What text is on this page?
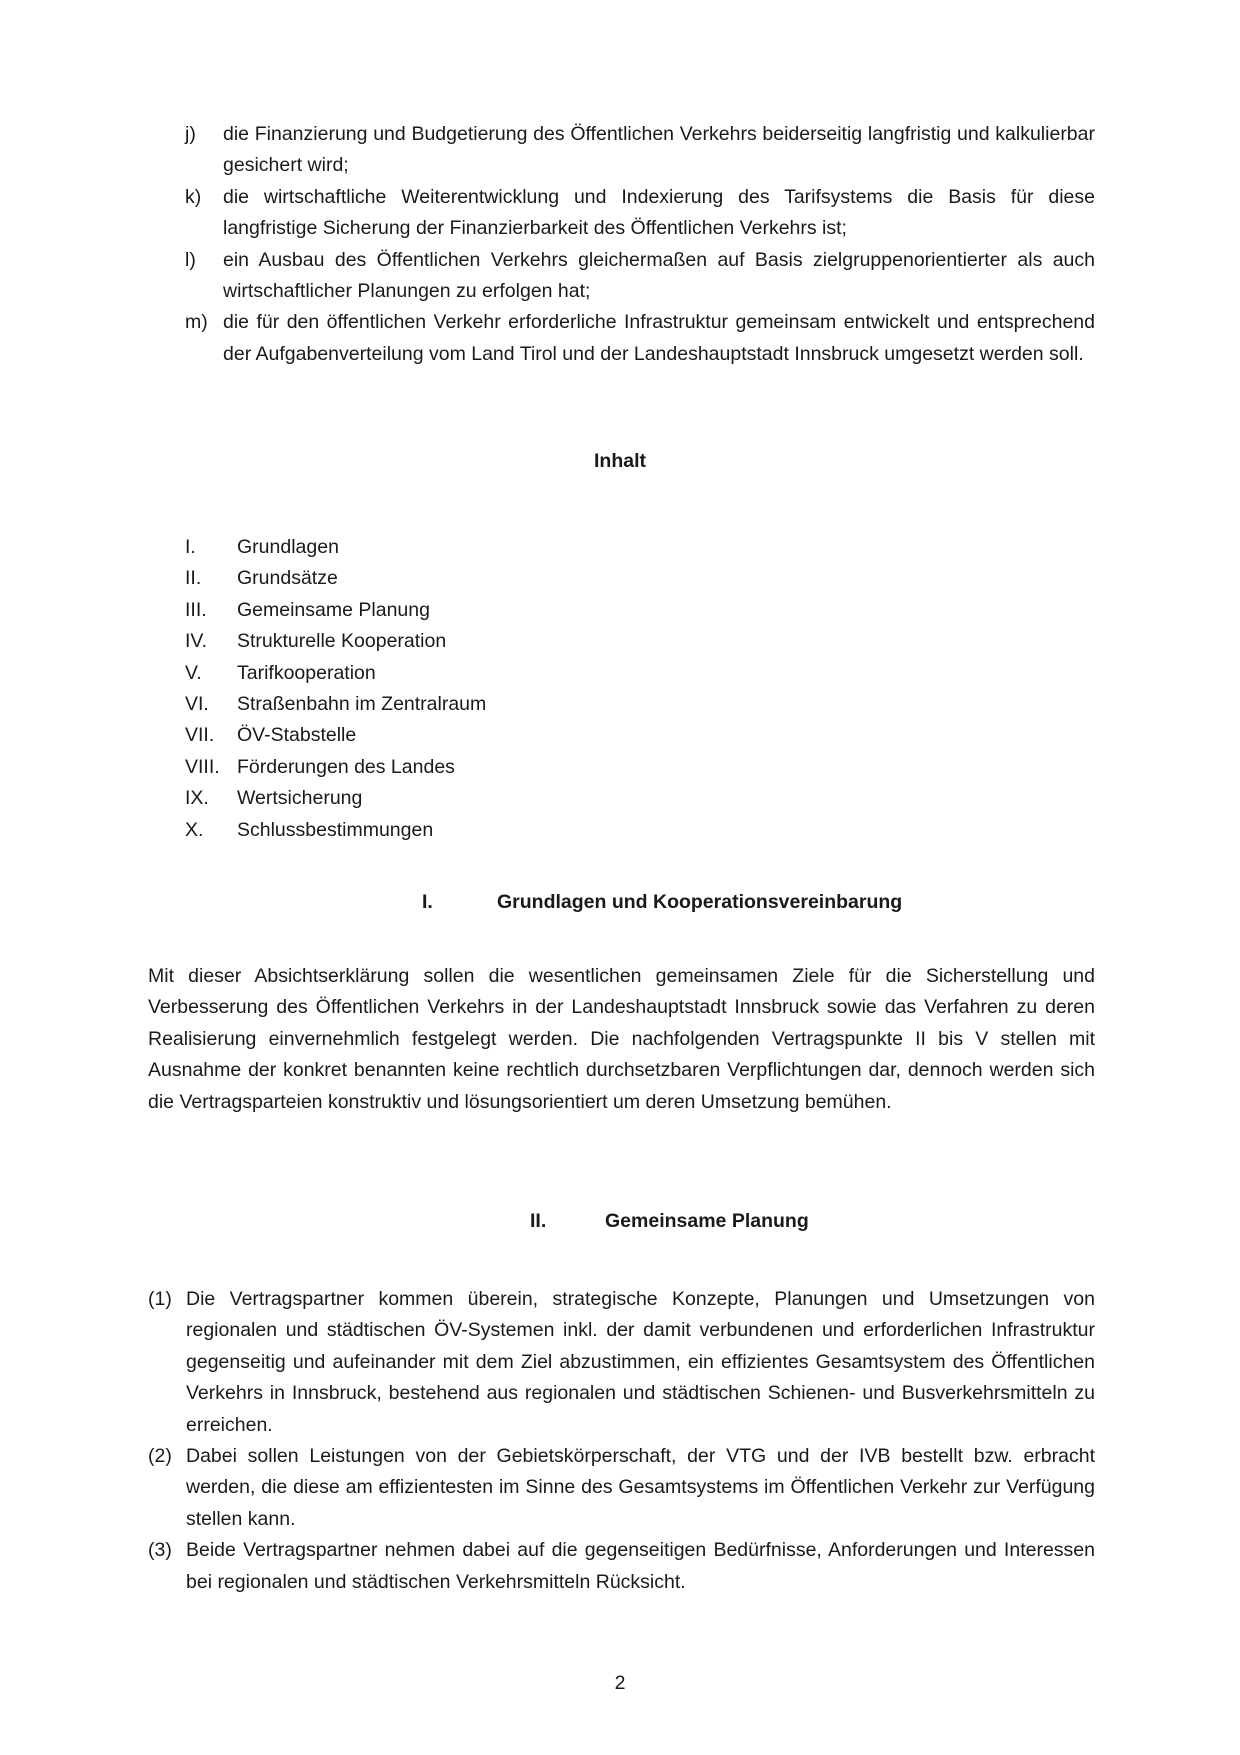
j)	die Finanzierung und Budgetierung des Öffentlichen Verkehrs beiderseitig langfristig und kalkulierbar gesichert wird;
k)	die wirtschaftliche Weiterentwicklung und Indexierung des Tarifsystems die Basis für diese langfristige Sicherung der Finanzierbarkeit des Öffentlichen Verkehrs ist;
l)	ein Ausbau des Öffentlichen Verkehrs gleichermaßen auf Basis zielgruppenorientierter als auch wirtschaftlicher Planungen zu erfolgen hat;
m) die für den öffentlichen Verkehr erforderliche Infrastruktur gemeinsam entwickelt und entsprechend der Aufgabenverteilung vom Land Tirol und der Landeshauptstadt Innsbruck umgesetzt werden soll.
Inhalt
I.	Grundlagen
II.	Grundsätze
III.	Gemeinsame Planung
IV.	Strukturelle Kooperation
V.	Tarifkooperation
VI.	Straßenbahn im Zentralraum
VII.	ÖV-Stabstelle
VIII. Förderungen des Landes
IX.	Wertsicherung
X.	Schlussbestimmungen
I.	Grundlagen und Kooperationsvereinbarung
Mit dieser Absichtserklärung sollen die wesentlichen gemeinsamen Ziele für die Sicherstellung und Verbesserung des Öffentlichen Verkehrs in der Landeshauptstadt Innsbruck sowie das Verfahren zu deren Realisierung einvernehmlich festgelegt werden. Die nachfolgenden Vertragspunkte II bis V stellen mit Ausnahme der konkret benannten keine rechtlich durchsetzbaren Verpflichtungen dar, dennoch werden sich die Vertragsparteien konstruktiv und lösungsorientiert um deren Umsetzung bemühen.
II.	Gemeinsame Planung
(1) Die Vertragspartner kommen überein, strategische Konzepte, Planungen und Umsetzungen von regionalen und städtischen ÖV-Systemen inkl. der damit verbundenen und erforderlichen Infrastruktur gegenseitig und aufeinander mit dem Ziel abzustimmen, ein effizientes Gesamtsystem des Öffentlichen Verkehrs in Innsbruck, bestehend aus regionalen und städtischen Schienen- und Busverkehrsmitteln zu erreichen.
(2) Dabei sollen Leistungen von der Gebietskörperschaft, der VTG und der IVB bestellt bzw. erbracht werden, die diese am effizientesten im Sinne des Gesamtsystems im Öffentlichen Verkehr zur Verfügung stellen kann.
(3) Beide Vertragspartner nehmen dabei auf die gegenseitigen Bedürfnisse, Anforderungen und Interessen bei regionalen und städtischen Verkehrsmitteln Rücksicht.
2
